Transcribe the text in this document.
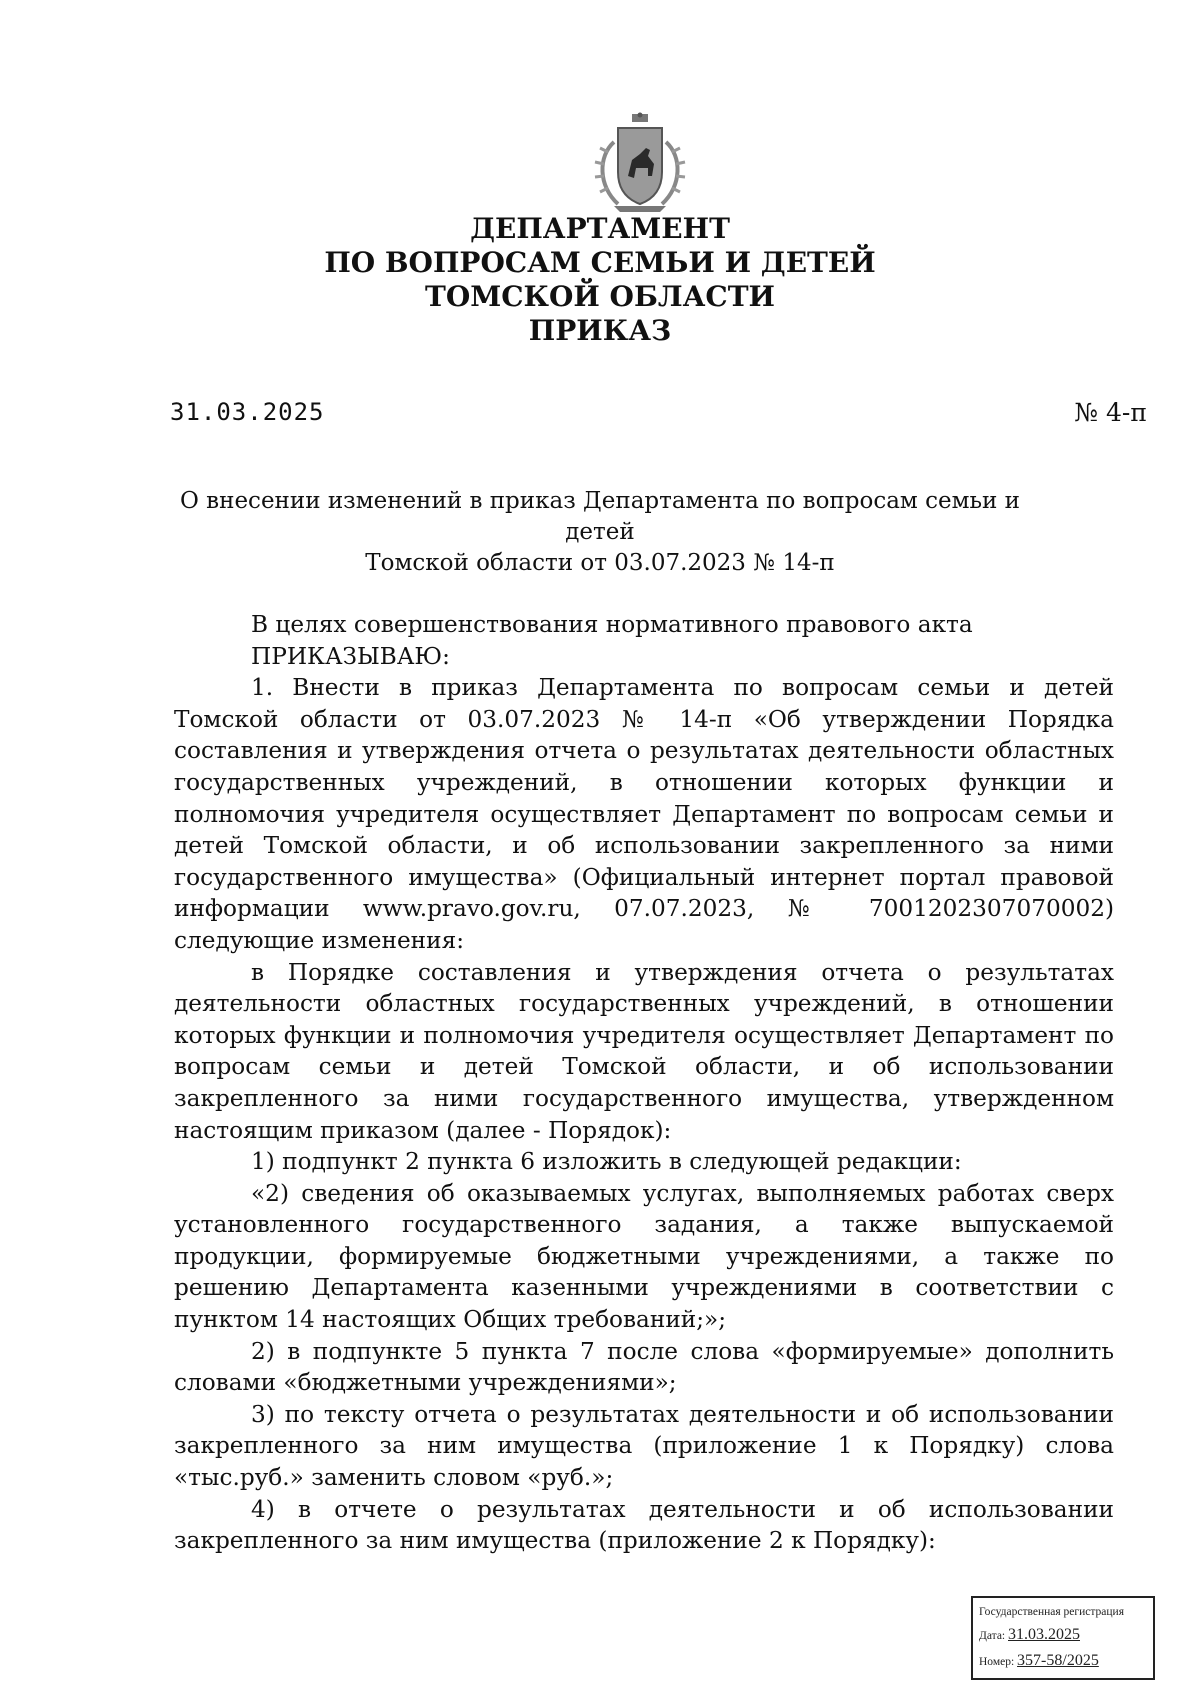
ДЕПАРТАМЕНТ
ПО ВОПРОСАМ СЕМЬИ И ДЕТЕЙ
ТОМСКОЙ ОБЛАСТИ
ПРИКАЗ
31.03.2025	№ 4-п
О внесении изменений в приказ Департамента по вопросам семьи и детей
Томской области от 03.07.2023 № 14-п

В целях совершенствования нормативного правового акта

ПРИКАЗЫВАЮ:

1. Внести в приказ Департамента по вопросам семьи и детей Томской области от 03.07.2023 № 14-п «Об утверждении Порядка составления и утверждения отчета о результатах деятельности областных государственных учреждений, в отношении которых функции и полномочия учредителя осуществляет Департамент по вопросам семьи и детей Томской области, и об использовании закрепленного за ними государственного имущества» (Официальный интернет портал правовой информации www.pravo.gov.ru, 07.07.2023, № 7001202307070002) следующие изменения:

в Порядке составления и утверждения отчета о результатах деятельности областных государственных учреждений, в отношении которых функции и полномочия учредителя осуществляет Департамент по вопросам семьи и детей Томской области, и об использовании закрепленного за ними государственного имущества, утвержденном настоящим приказом (далее - Порядок):

1) подпункт 2 пункта 6 изложить в следующей редакции:

«2) сведения об оказываемых услугах, выполняемых работах сверх установленного государственного задания, а также выпускаемой продукции, формируемые бюджетными учреждениями, а также по решению Департамента казенными учреждениями в соответствии с пунктом 14 настоящих Общих требований;»;

2) в подпункте 5 пункта 7 после слова «формируемые» дополнить словами «бюджетными учреждениями»;

3) по тексту отчета о результатах деятельности и об использовании закрепленного за ним имущества (приложение 1 к Порядку) слова «тыс.руб.» заменить словом «руб.»;

4) в отчете о результатах деятельности и об использовании закрепленного за ним имущества (приложение 2 к Порядку):

Государственная регистрация
Дата: 31.03.2025
Номер: 357-58/2025
